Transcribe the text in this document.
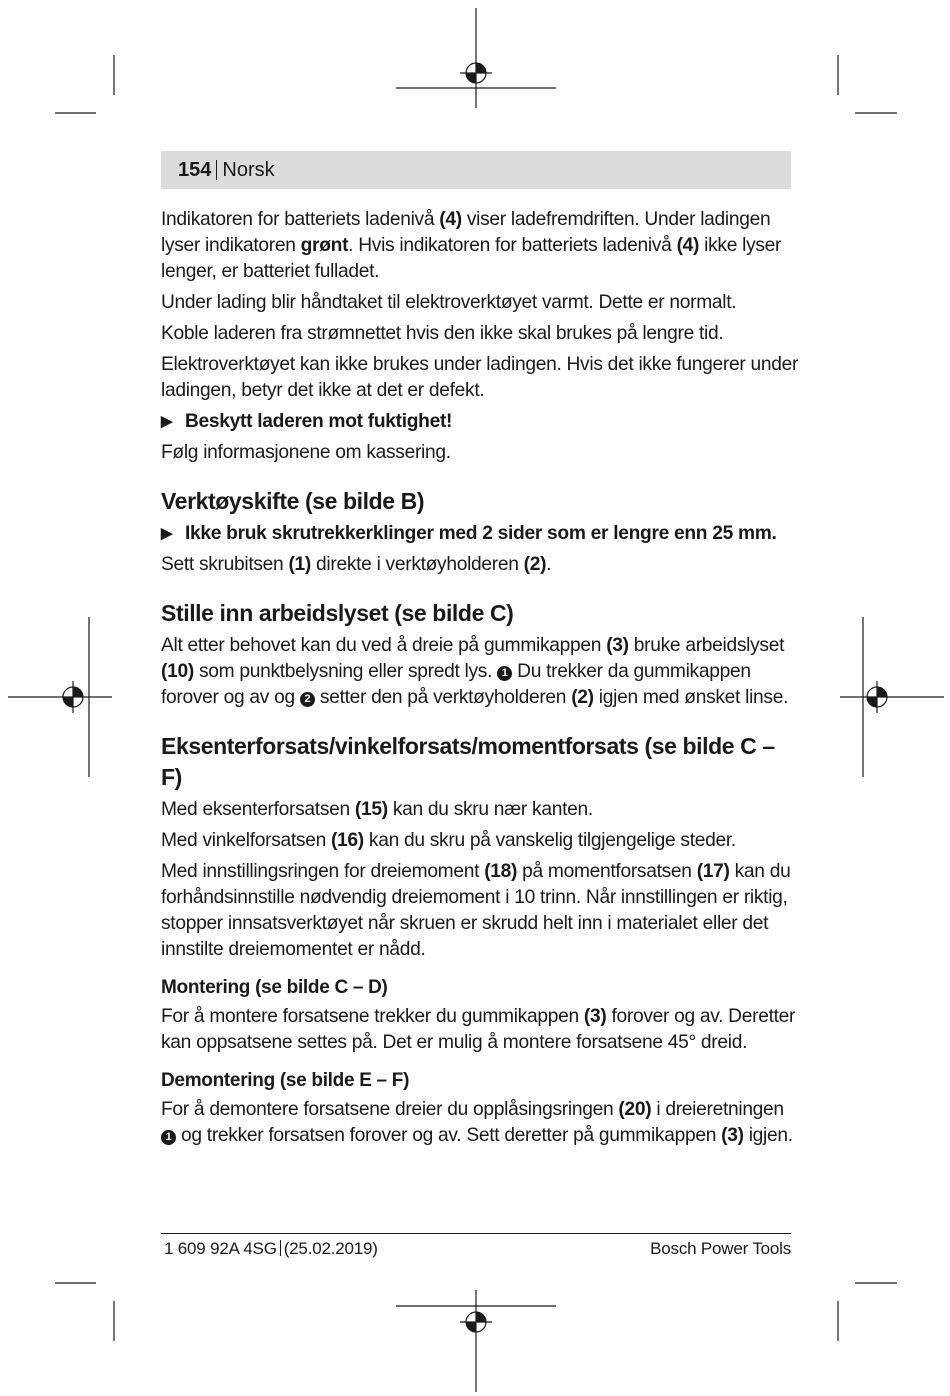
154 Norsk

Indikatoren for batteriets ladenivå (4) viser ladefremdriften. Under ladingen lyser indikatoren grønt. Hvis indikatoren for batteriets ladenivå (4) ikke lyser lenger, er batteriet fulladet.

Under lading blir håndtaket til elektroverktøyet varmt. Dette er normalt.

Koble laderen fra strømnettet hvis den ikke skal brukes på lengre tid.

Elektroverktøyet kan ikke brukes under ladingen. Hvis det ikke fungerer under ladingen, betyr det ikke at det er defekt.

▶ Beskytt laderen mot fuktighet!

Følg informasjonene om kassering.

Verktøyskifte (se bilde B)
▶ Ikke bruk skrutrekkerklinger med 2 sider som er lengre enn 25 mm.

Sett skrubitsen (1) direkte i verktøyholderen (2).

Stille inn arbeidslyset (se bilde C)

Alt etter behovet kan du ved å dreie på gummikappen (3) bruke arbeidslyset (10) som punktbelysning eller spredt lys. 1 Du trekker da gummikappen forover og av og 2 setter den på verktøyholderen (2) igjen med ønsket linse.

Eksenterforsats/vinkelforsats/momentforsats (se bilde C – F)

Med eksenterforsatsen (15) kan du skru nær kanten.

Med vinkelforsatsen (16) kan du skru på vanskelig tilgjengelige steder.

Med innstillingsringen for dreiemoment (18) på momentforsatsen (17) kan du forhåndsinnstille nødvendig dreiemoment i 10 trinn. Når innstillingen er riktig, stopper innsatsverktøyet når skruen er skrudd helt inn i materialet eller det innstilte dreiemomentet er nådd.

Montering (se bilde C – D)

For å montere forsatsene trekker du gummikappen (3) forover og av. Deretter kan oppsatsene settes på. Det er mulig å montere forsatsene 45° dreid.

Demontering (se bilde E – F)

For å demontere forsatsene dreier du opplåsingsringen (20) i dreieretningen 1 og trekker forsatsen forover og av. Sett deretter på gummikappen (3) igjen.

1 609 92A 4SG (25.02.2019)	Bosch Power Tools
